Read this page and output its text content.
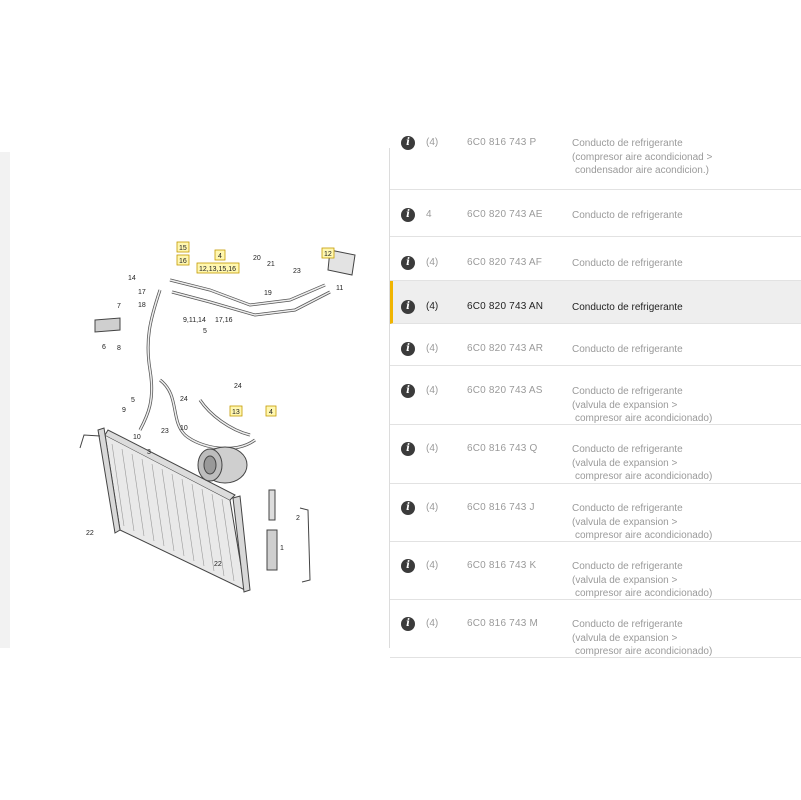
1
2
3
5
6
7
8
9
10
11
14
17
18
19
20
21
22
22
23
24
24
23 10
9,11,14 17,16
5
15
16
4
12,13,15,16
12
13	4
i	(4)	6C0 816 743 P	Conducto de refrigerante
(compresor aire acondicionad >
condensador aire acondicion.)
i	4	6C0 820 743 AE	Conducto de refrigerante
i	(4)	6C0 820 743 AF	Conducto de refrigerante
i	(4)	6C0 820 743 AN	Conducto de refrigerante
i	(4)	6C0 820 743 AR	Conducto de refrigerante
i	(4)	6C0 820 743 AS	Conducto de refrigerante
(valvula de expansion >
compresor aire acondicionado)
i	(4)	6C0 816 743 Q	Conducto de refrigerante
(valvula de expansion >
compresor aire acondicionado)
i	(4)	6C0 816 743 J	Conducto de refrigerante
(valvula de expansion >
compresor aire acondicionado)
i	(4)	6C0 816 743 K	Conducto de refrigerante
(valvula de expansion >
compresor aire acondicionado)
i	(4)	6C0 816 743 M	Conducto de refrigerante
(valvula de expansion >
compresor aire acondicionado)
